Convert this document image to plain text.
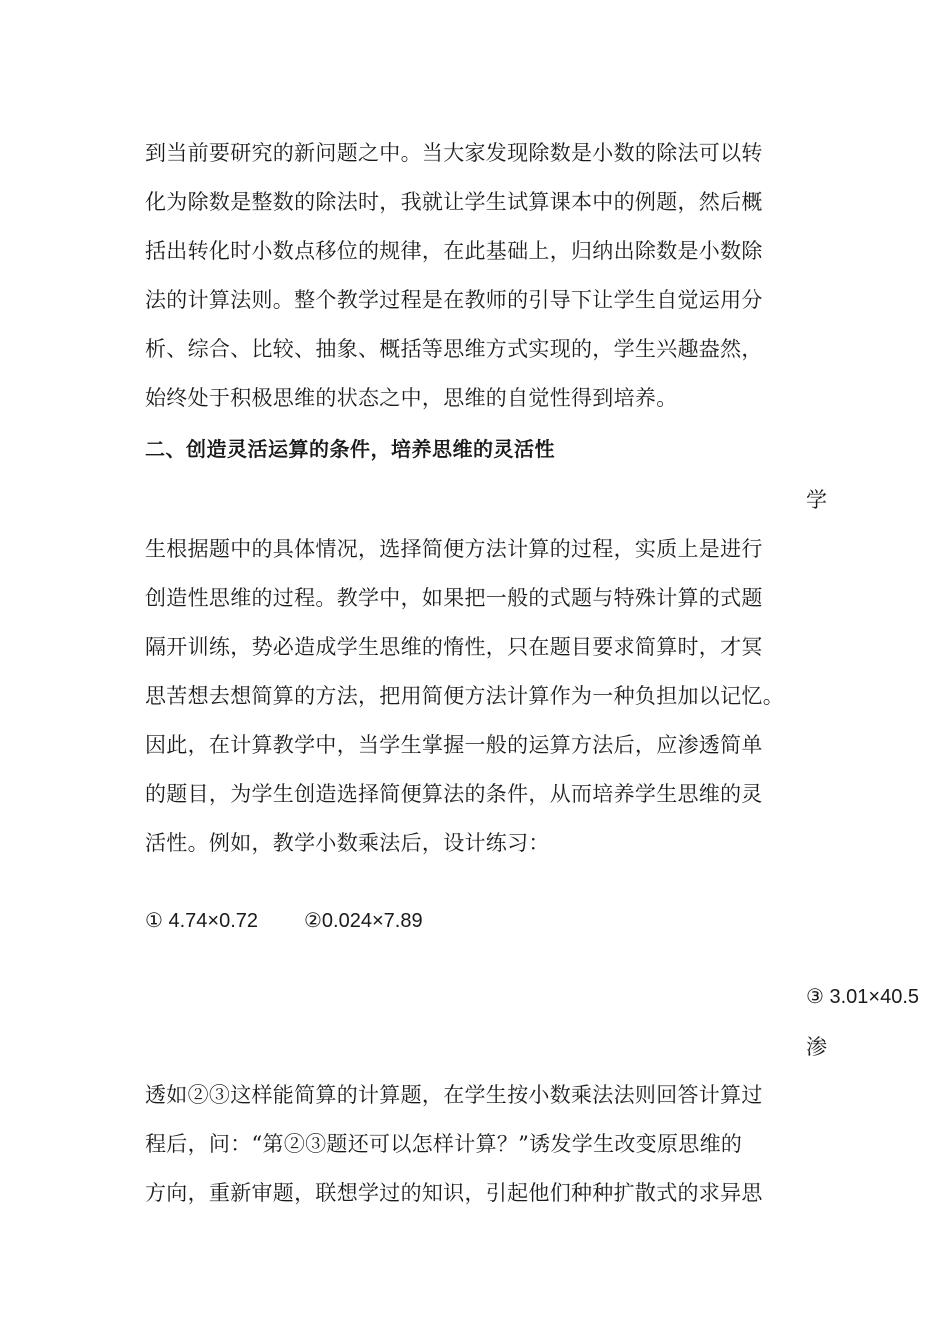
到当前要研究的新问题之中。当大家发现除数是小数的除法可以转
化为除数是整数的除法时，我就让学生试算课本中的例题，然后概
括出转化时小数点移位的规律，在此基础上，归纳出除数是小数除
法的计算法则。整个教学过程是在教师的引导下让学生自觉运用分
析、综合、比较、抽象、概括等思维方式实现的，学生兴趣盎然，
始终处于积极思维的状态之中，思维的自觉性得到培养。
二、创造灵活运算的条件，培养思维的灵活性
学
生根据题中的具体情况，选择简便方法计算的过程，实质上是进行
创造性思维的过程。教学中，如果把一般的式题与特殊计算的式题
隔开训练，势必造成学生思维的惰性，只在题目要求简算时，才冥
思苦想去想简算的方法，把用简便方法计算作为一种负担加以记忆。
因此，在计算教学中，当学生掌握一般的运算方法后，应渗透简单
的题目，为学生创造选择简便算法的条件，从而培养学生思维的灵
活性。例如，教学小数乘法后，设计练习：
① 4.74×0.72 ②0.024×7.89
③ 3.01×40.5
渗
透如②③这样能简算的计算题，在学生按小数乘法法则回答计算过
程后，问：“第②③题还可以怎样计算？”诱发学生改变原思维的
方向，重新审题，联想学过的知识，引起他们种种扩散式的求异思
